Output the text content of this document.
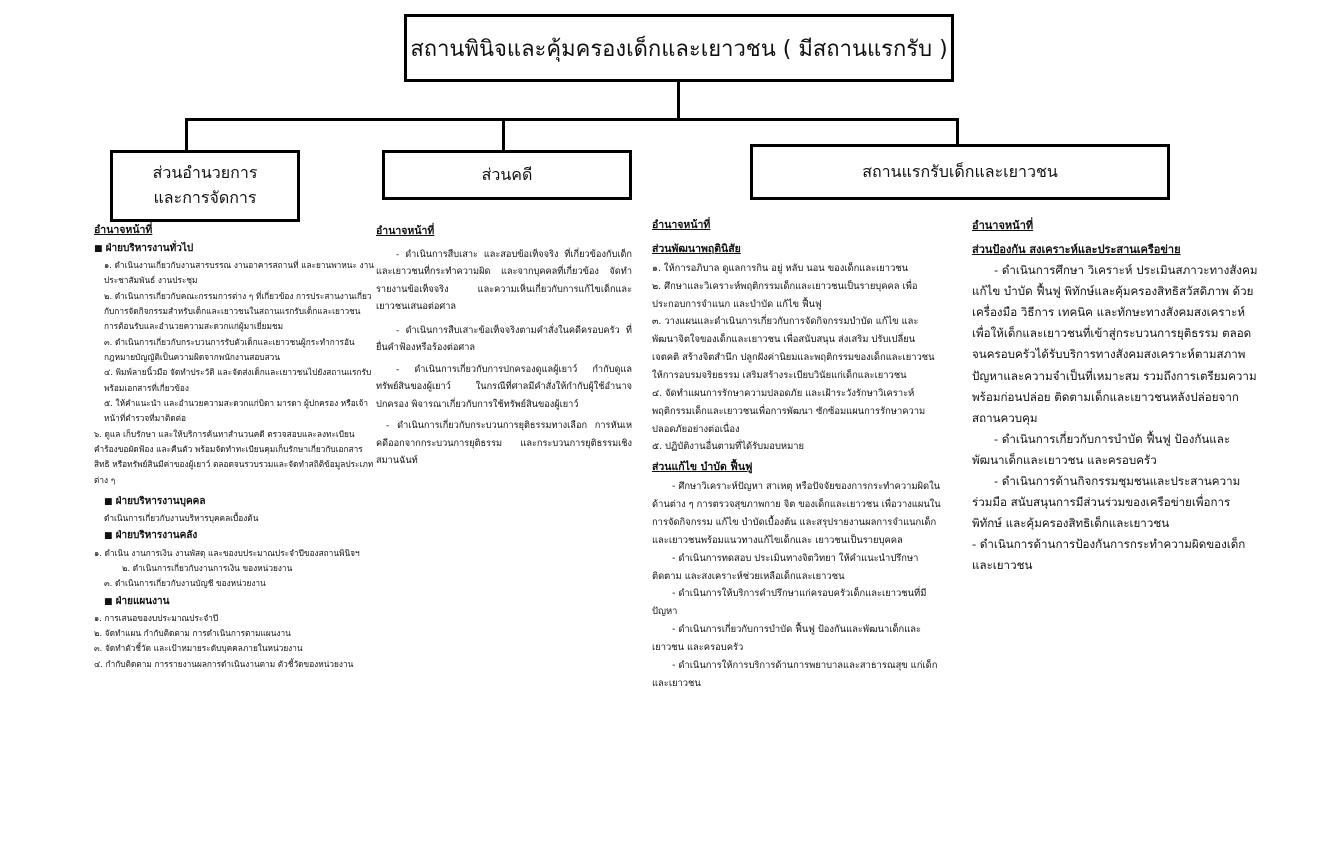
สถานพินิจและคุ้มครองเด็กและเยาวชน ( มีสถานแรกรับ )
ส่วนอำนวยการ
และการจัดการ
ส่วนคดี	สถานแรกรับเด็กและเยาวชน
อำนาจหน้าที่
■ ฝ่ายบริหารงานทั่วไป

๑. ดำเนินงานเกี่ยวกับงานสารบรรณ งานอาคารสถานที่ และยานพาหนะ งานประชาสัมพันธ์ งานประชุม

๒. ดำเนินการเกี่ยวกับคณะกรรมการต่าง ๆ ที่เกี่ยวข้อง การประสานงานเกี่ยวกับการจัดกิจกรรมสำหรับเด็กและเยาวชนในสถานแรกรับเด็กและเยาวชน การต้อนรับและอำนวยความสะดวกแก่ผู้มาเยี่ยมชม

๓. ดำเนินการเกี่ยวกับกระบวนการรับตัวเด็กและเยาวชนผู้กระทำการอันกฎหมายบัญญัติเป็นความผิดจากพนักงานสอบสวน

๔. พิมพ์ลายนิ้วมือ จัดทำประวัติ และจัดส่งเด็กและเยาวชนไปยังสถานแรกรับพร้อมเอกสารที่เกี่ยวข้อง

๕. ให้คำแนะนำ และอำนวยความสะดวกแก่บิดา มารดา ผู้ปกครอง หรือเจ้าหน้าที่ตำรวจที่มาติดต่อ

๖. ดูแล เก็บรักษา และให้บริการค้นหาสำนวนคดี ตรวจสอบและลงทะเบียนคำร้องขอผัดฟ้อง และคืนตัว พร้อมจัดทำทะเบียนคุมเก็บรักษาเกี่ยวกับเอกสารสิทธิ หรือทรัพย์สินมีค่าของผู้เยาว์ ตลอดจนรวบรวมและจัดทำสถิติข้อมูลประเภทต่าง ๆ

■ ฝ่ายบริหารงานบุคคล

ดำเนินการเกี่ยวกับงานบริหารบุคคลเบื้องต้น

■ ฝ่ายบริหารงานคลัง

๑. ดำเนิน งานการเงิน งานพัสดุ และของบประมาณประจำปีของสถานพินิจฯ

๒. ดำเนินการเกี่ยวกับงานการเงิน ของหน่วยงาน

๓. ดำเนินการเกี่ยวกับงานบัญชี ของหน่วยงาน

■ ฝ่ายแผนงาน

๑. การเสนอของบประมาณประจำปี

๒. จัดทำแผน กำกับติดตาม การดำเนินการตามแผนงาน

๓. จัดทำตัวชี้วัด และเป้าหมายระดับบุคคลภายในหน่วยงาน

๔. กำกับติดตาม การรายงานผลการดำเนินงานตาม ตัวชี้วัดของหน่วยงาน

อำนาจหน้าที่

- ดำเนินการสืบเสาะ และสอบข้อเท็จจริง ที่เกี่ยวข้องกับเด็กและเยาวชนที่กระทำความผิด และจากบุคคลที่เกี่ยวข้อง จัดทำรายงานข้อเท็จจริง และความเห็นเกี่ยวกับการแก้ไขเด็กและเยาวชนเสนอต่อศาล

- ดำเนินการสืบเสาะข้อเท็จจริงตามคำสั่งในคดีครอบครัว ที่ยื่นคำฟ้องหรือร้องต่อศาล

- ดำเนินการเกี่ยวกับการปกครองดูแลผู้เยาว์ กำกับดูแลทรัพย์สินของผู้เยาว์ ในกรณีที่ศาลมีคำสั่งให้กำกับผู้ใช้อำนาจปกครอง พิจารณาเกี่ยวกับการใช้ทรัพย์สินของผู้เยาว์

- ดำเนินการเกี่ยวกับกระบวนการยุติธรรมทางเลือก การหันเหคดีออกจากกระบวนการยุติธรรม และกระบวนการยุติธรรมเชิงสมานฉันท์

อำนาจหน้าที่
ส่วนพัฒนาพฤตินิสัย

๑. ให้การอภิบาล ดูแลการกิน อยู่ หลับ นอน ของเด็กและเยาวชน

๒. ศึกษาและวิเคราะห์พฤติกรรมเด็กและเยาวชนเป็นรายบุคคล เพื่อประกอบการจำแนก และบำบัด แก้ไข ฟื้นฟู

๓. วางแผนและดำเนินการเกี่ยวกับการจัดกิจกรรมบำบัด แก้ไข และพัฒนาจิตใจของเด็กและเยาวชน เพื่อสนับสนุน ส่งเสริม ปรับเปลี่ยนเจตคติ สร้างจิตสำนึก ปลูกฝังค่านิยมและพฤติกรรมของเด็กและเยาวชน ให้การอบรมจริยธรรม เสริมสร้างระเบียบวินัยแก่เด็กและเยาวชน

๔. จัดทำแผนการรักษาความปลอดภัย และเฝ้าระวังรักษาวิเคราะห์พฤติกรรมเด็กและเยาวชนเพื่อการพัฒนา ซักซ้อมแผนการรักษาความปลอดภัยอย่างต่อเนื่อง

๕. ปฏิบัติงานอื่นตามที่ได้รับมอบหมาย

ส่วนแก้ไข บำบัด ฟื้นฟู

- ศึกษาวิเคราะห์ปัญหา สาเหตุ หรือปัจจัยของการกระทำความผิดในด้านต่าง ๆ การตรวจสุขภาพกาย จิต ของเด็กและเยาวชน เพื่อวางแผนในการจัดกิจกรรม แก้ไข บำบัดเบื้องต้น และสรุปรายงานผลการจำแนกเด็กและเยาวชนพร้อมแนวทางแก้ไขเด็กและ เยาวชนเป็นรายบุคคล

- ดำเนินการทดสอบ ประเมินทางจิตวิทยา ให้คำแนะนำปรึกษา ติดตาม และสงเคราะห์ช่วยเหลือเด็กและเยาวชน

- ดำเนินการให้บริการคำปรึกษาแก่ครอบครัวเด็กและเยาวชนที่มีปัญหา

- ดำเนินการเกี่ยวกับการบำบัด ฟื้นฟู ป้องกันและพัฒนาเด็กและเยาวชน และครอบครัว

- ดำเนินการให้การบริการด้านการพยาบาลและสาธารณสุข แก่เด็กและเยาวชน

อำนาจหน้าที่
ส่วนป้องกัน สงเคราะห์และประสานเครือข่าย

- ดำเนินการศึกษา วิเคราะห์ ประเมินสภาวะทางสังคม แก้ไข บำบัด ฟื้นฟู พิทักษ์และคุ้มครองสิทธิสวัสดิภาพ ด้วยเครื่องมือ วิธีการ เทคนิค และทักษะทางสังคมสงเคราะห์ เพื่อให้เด็กและเยาวชนที่เข้าสู่กระบวนการยุติธรรม ตลอดจนครอบครัวได้รับบริการทางสังคมสงเคราะห์ตามสภาพปัญหาและความจำเป็นที่เหมาะสม รวมถึงการเตรียมความพร้อมก่อนปล่อย ติดตามเด็กและเยาวชนหลังปล่อยจากสถานควบคุม

- ดำเนินการเกี่ยวกับการบำบัด ฟื้นฟู ป้องกันและพัฒนาเด็กและเยาวชน และครอบครัว

- ดำเนินการด้านกิจกรรมชุมชนและประสานความร่วมมือ สนับสนุนการมีส่วนร่วมของเครือข่ายเพื่อการพิทักษ์ และคุ้มครองสิทธิเด็กและเยาวชน

- ดำเนินการด้านการป้องกันการกระทำความผิดของเด็กและเยาวชน
